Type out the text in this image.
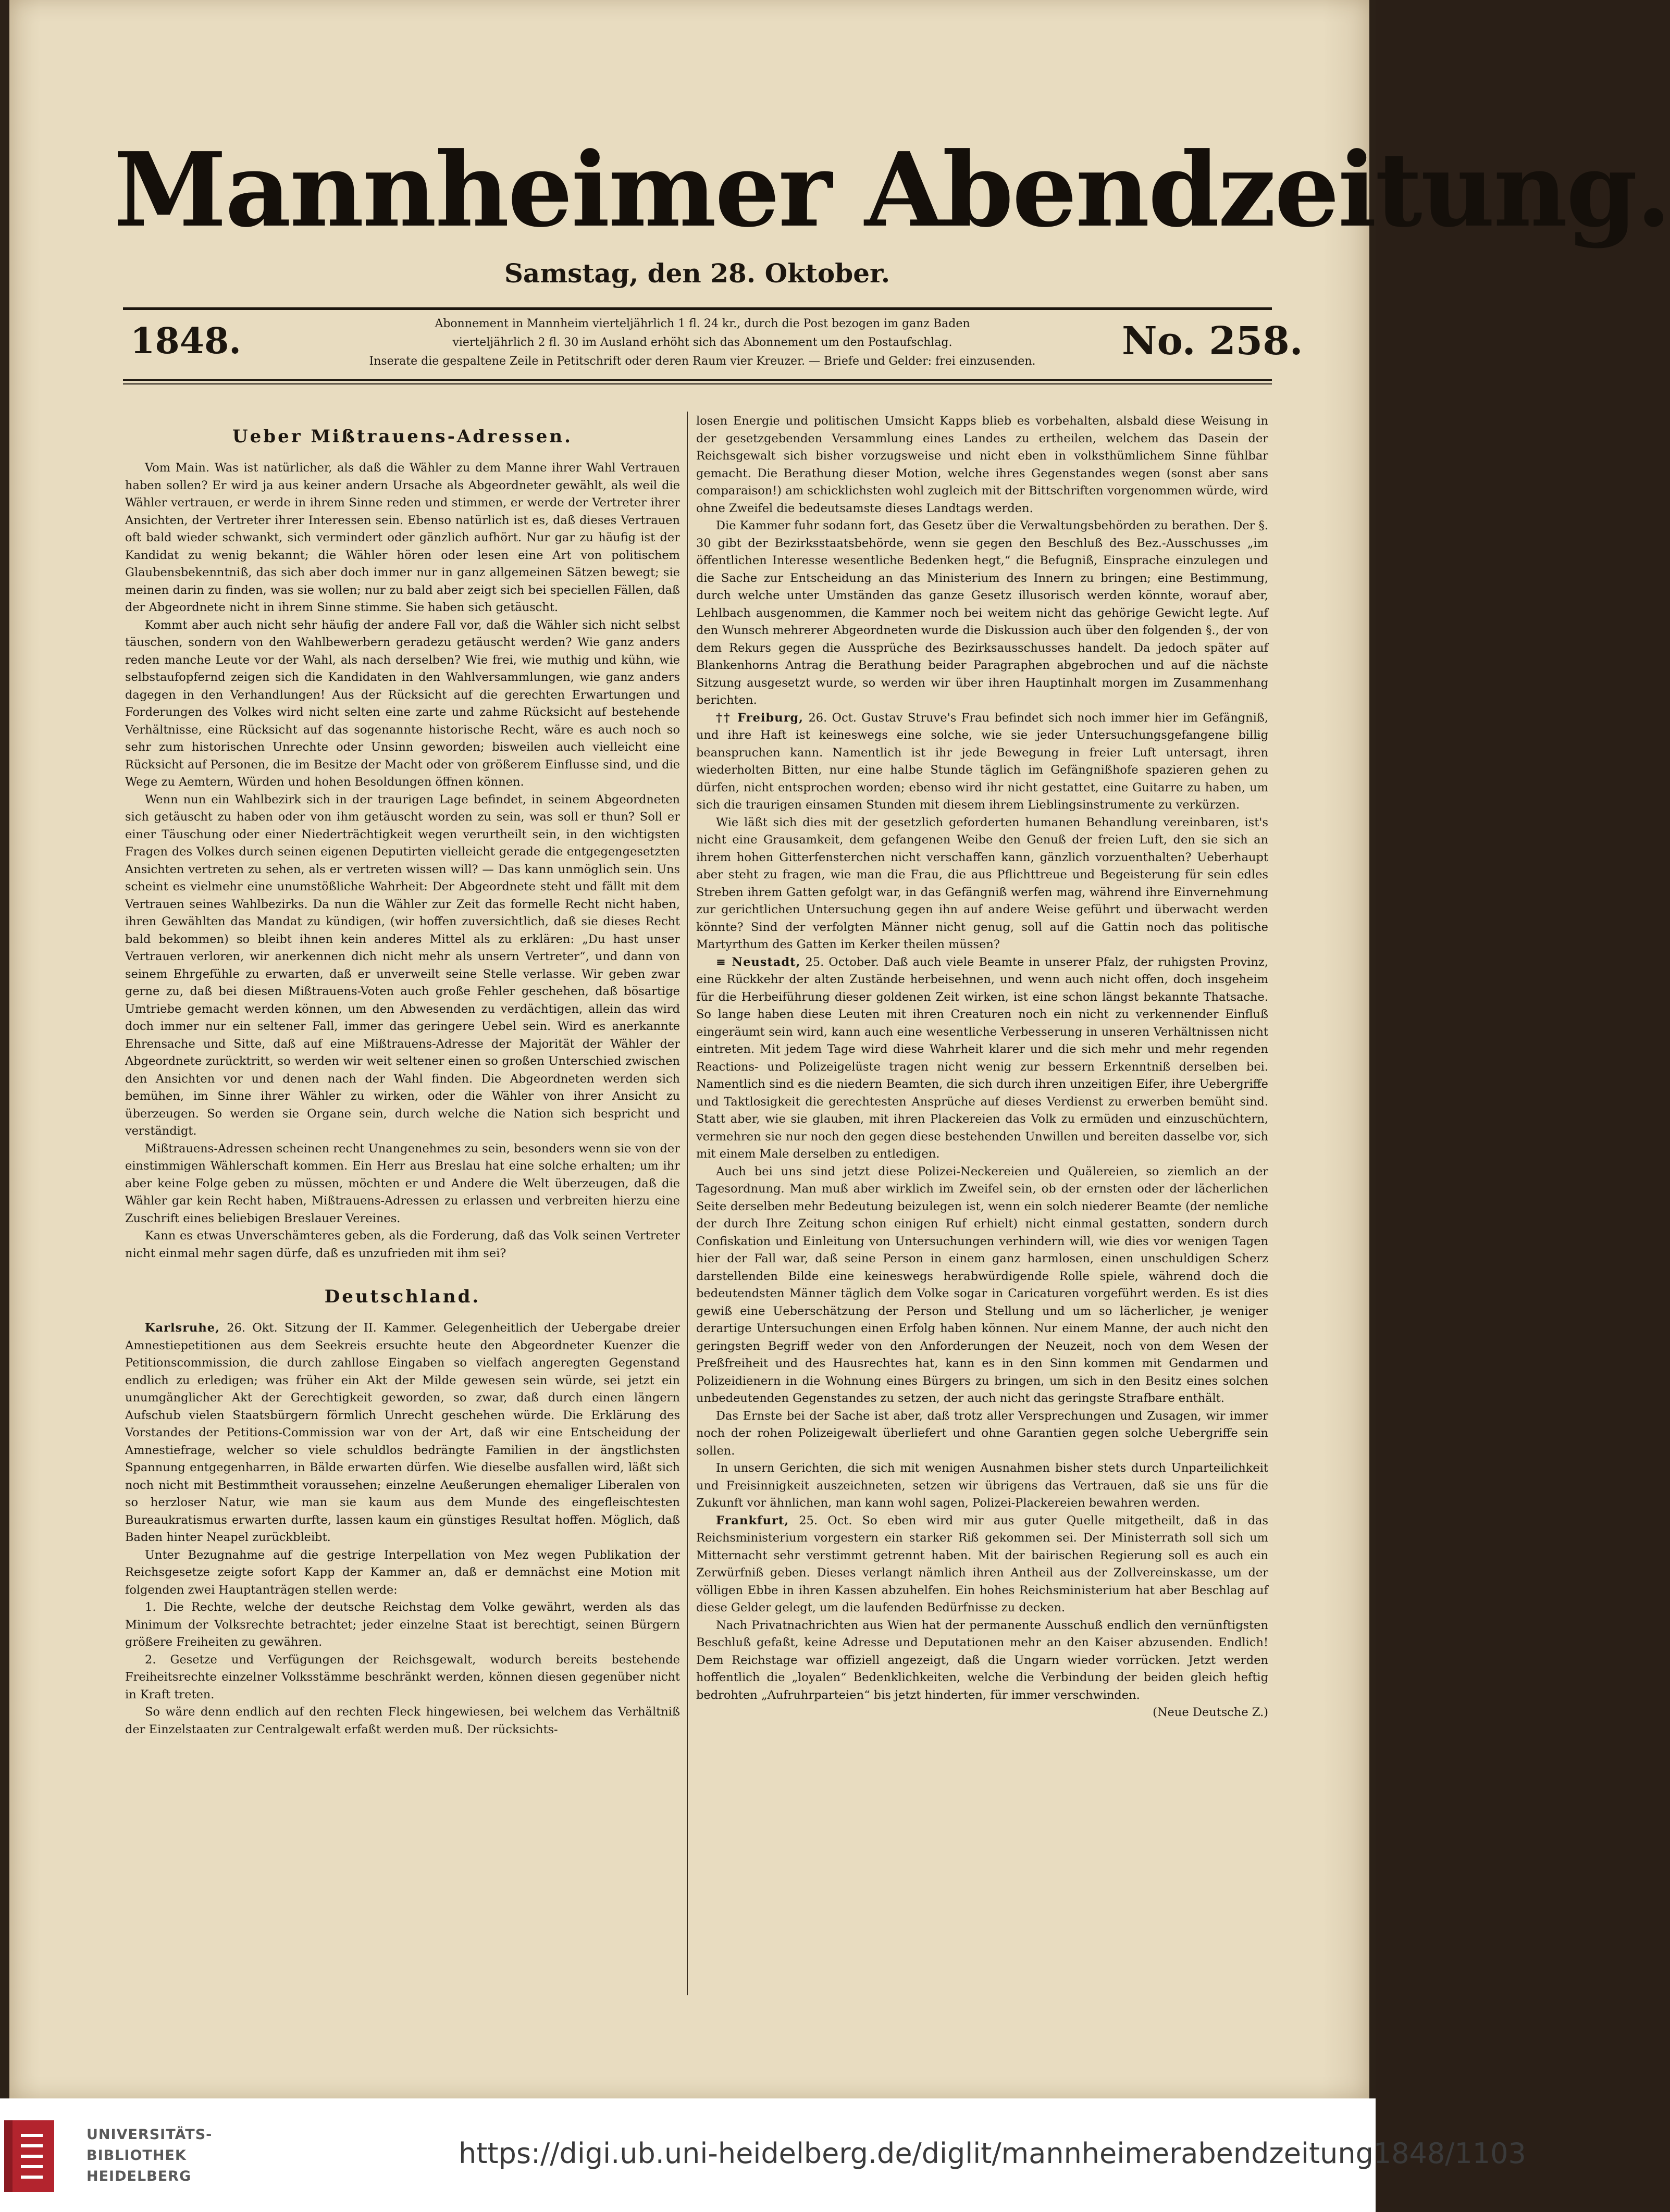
Mannheimer Abendzeitung.
Samstag, den 28. Oktober.
1848.	Abonnement in Mannheim vierteljährlich 1 fl. 24 kr., durch die Post bezogen im ganz Baden
vierteljährlich 2 fl. 30 im Ausland erhöht sich das Abonnement um den Postaufschlag.
Inserate die gespaltene Zeile in Petitschrift oder deren Raum vier Kreuzer. — Briefe und Gelder: frei einzusenden.	No. 258.
Ueber Mißtrauens-Adressen.

Vom Main. Was ist natürlicher, als daß die Wähler zu dem Manne ihrer Wahl Vertrauen haben sollen? Er wird ja aus keiner andern Ursache als Abgeordneter gewählt, als weil die Wähler vertrauen, er werde in ihrem Sinne reden und stimmen, er werde der Vertreter ihrer Ansichten, der Vertreter ihrer Interessen sein. Ebenso natürlich ist es, daß dieses Vertrauen oft bald wieder schwankt, sich vermindert oder gänzlich aufhört. Nur gar zu häufig ist der Kandidat zu wenig bekannt; die Wähler hören oder lesen eine Art von politischem Glaubensbekenntniß, das sich aber doch immer nur in ganz allgemeinen Sätzen bewegt; sie meinen darin zu finden, was sie wollen; nur zu bald aber zeigt sich bei speciellen Fällen, daß der Abgeordnete nicht in ihrem Sinne stimme. Sie haben sich getäuscht.

Kommt aber auch nicht sehr häufig der andere Fall vor, daß die Wähler sich nicht selbst täuschen, sondern von den Wahlbewerbern geradezu getäuscht werden? Wie ganz anders reden manche Leute vor der Wahl, als nach derselben? Wie frei, wie muthig und kühn, wie selbstaufopfernd zeigen sich die Kandidaten in den Wahlversammlungen, wie ganz anders dagegen in den Verhandlungen! Aus der Rücksicht auf die gerechten Erwartungen und Forderungen des Volkes wird nicht selten eine zarte und zahme Rücksicht auf bestehende Verhältnisse, eine Rücksicht auf das sogenannte historische Recht, wäre es auch noch so sehr zum historischen Unrechte oder Unsinn geworden; bisweilen auch vielleicht eine Rücksicht auf Personen, die im Besitze der Macht oder von größerem Einflusse sind, und die Wege zu Aemtern, Würden und hohen Besoldungen öffnen können.

Wenn nun ein Wahlbezirk sich in der traurigen Lage befindet, in seinem Abgeordneten sich getäuscht zu haben oder von ihm getäuscht worden zu sein, was soll er thun? Soll er einer Täuschung oder einer Niederträchtigkeit wegen verurtheilt sein, in den wichtigsten Fragen des Volkes durch seinen eigenen Deputirten vielleicht gerade die entgegengesetzten Ansichten vertreten zu sehen, als er vertreten wissen will? — Das kann unmöglich sein. Uns scheint es vielmehr eine unumstößliche Wahrheit: Der Abgeordnete steht und fällt mit dem Vertrauen seines Wahlbezirks. Da nun die Wähler zur Zeit das formelle Recht nicht haben, ihren Gewählten das Mandat zu kündigen, (wir hoffen zuversichtlich, daß sie dieses Recht bald bekommen) so bleibt ihnen kein anderes Mittel als zu erklären: „Du hast unser Vertrauen verloren, wir anerkennen dich nicht mehr als unsern Vertreter“, und dann von seinem Ehrgefühle zu erwarten, daß er unverweilt seine Stelle verlasse. Wir geben zwar gerne zu, daß bei diesen Mißtrauens-Voten auch große Fehler geschehen, daß bösartige Umtriebe gemacht werden können, um den Abwesenden zu verdächtigen, allein das wird doch immer nur ein seltener Fall, immer das geringere Uebel sein. Wird es anerkannte Ehrensache und Sitte, daß auf eine Mißtrauens-Adresse der Majorität der Wähler der Abgeordnete zurücktritt, so werden wir weit seltener einen so großen Unterschied zwischen den Ansichten vor und denen nach der Wahl finden. Die Abgeordneten werden sich bemühen, im Sinne ihrer Wähler zu wirken, oder die Wähler von ihrer Ansicht zu überzeugen. So werden sie Organe sein, durch welche die Nation sich bespricht und verständigt.

Mißtrauens-Adressen scheinen recht Unangenehmes zu sein, besonders wenn sie von der einstimmigen Wählerschaft kommen. Ein Herr aus Breslau hat eine solche erhalten; um ihr aber keine Folge geben zu müssen, möchten er und Andere die Welt überzeugen, daß die Wähler gar kein Recht haben, Mißtrauens-Adressen zu erlassen und verbreiten hierzu eine Zuschrift eines beliebigen Breslauer Vereines.

Kann es etwas Unverschämteres geben, als die Forderung, daß das Volk seinen Vertreter nicht einmal mehr sagen dürfe, daß es unzufrieden mit ihm sei?

Deutschland.

Karlsruhe, 26. Okt. Sitzung der II. Kammer. Gelegenheitlich der Uebergabe dreier Amnestiepetitionen aus dem Seekreis ersuchte heute den Abgeordneter Kuenzer die Petitionscommission, die durch zahllose Eingaben so vielfach angeregten Gegenstand endlich zu erledigen; was früher ein Akt der Milde gewesen sein würde, sei jetzt ein unumgänglicher Akt der Gerechtigkeit geworden, so zwar, daß durch einen längern Aufschub vielen Staatsbürgern förmlich Unrecht geschehen würde. Die Erklärung des Vorstandes der Petitions-Commission war von der Art, daß wir eine Entscheidung der Amnestiefrage, welcher so viele schuldlos bedrängte Familien in der ängstlichsten Spannung entgegenharren, in Bälde erwarten dürfen. Wie dieselbe ausfallen wird, läßt sich noch nicht mit Bestimmtheit voraussehen; einzelne Aeußerungen ehemaliger Liberalen von so herzloser Natur, wie man sie kaum aus dem Munde des eingefleischtesten Bureaukratismus erwarten durfte, lassen kaum ein günstiges Resultat hoffen. Möglich, daß Baden hinter Neapel zurückbleibt.

Unter Bezugnahme auf die gestrige Interpellation von Mez wegen Publikation der Reichsgesetze zeigte sofort Kapp der Kammer an, daß er demnächst eine Motion mit folgenden zwei Hauptanträgen stellen werde:

1. Die Rechte, welche der deutsche Reichstag dem Volke gewährt, werden als das Minimum der Volksrechte betrachtet; jeder einzelne Staat ist berechtigt, seinen Bürgern größere Freiheiten zu gewähren.

2. Gesetze und Verfügungen der Reichsgewalt, wodurch bereits bestehende Freiheitsrechte einzelner Volksstämme beschränkt werden, können diesen gegenüber nicht in Kraft treten.

So wäre denn endlich auf den rechten Fleck hingewiesen, bei welchem das Verhältniß der Einzelstaaten zur Centralgewalt erfaßt werden muß. Der rücksichts-

losen Energie und politischen Umsicht Kapps blieb es vorbehalten, alsbald diese Weisung in der gesetzgebenden Versammlung eines Landes zu ertheilen, welchem das Dasein der Reichsgewalt sich bisher vorzugsweise und nicht eben in volksthümlichem Sinne fühlbar gemacht. Die Berathung dieser Motion, welche ihres Gegenstandes wegen (sonst aber sans comparaison!) am schicklichsten wohl zugleich mit der Bittschriften vorgenommen würde, wird ohne Zweifel die bedeutsamste dieses Landtags werden.

Die Kammer fuhr sodann fort, das Gesetz über die Verwaltungsbehörden zu berathen. Der §. 30 gibt der Bezirksstaatsbehörde, wenn sie gegen den Beschluß des Bez.-Ausschusses „im öffentlichen Interesse wesentliche Bedenken hegt,“ die Befugniß, Einsprache einzulegen und die Sache zur Entscheidung an das Ministerium des Innern zu bringen; eine Bestimmung, durch welche unter Umständen das ganze Gesetz illusorisch werden könnte, worauf aber, Lehlbach ausgenommen, die Kammer noch bei weitem nicht das gehörige Gewicht legte. Auf den Wunsch mehrerer Abgeordneten wurde die Diskussion auch über den folgenden §., der von dem Rekurs gegen die Aussprüche des Bezirksausschusses handelt. Da jedoch später auf Blankenhorns Antrag die Berathung beider Paragraphen abgebrochen und auf die nächste Sitzung ausgesetzt wurde, so werden wir über ihren Hauptinhalt morgen im Zusammenhang berichten.

†† Freiburg, 26. Oct. Gustav Struve's Frau befindet sich noch immer hier im Gefängniß, und ihre Haft ist keineswegs eine solche, wie sie jeder Untersuchungsgefangene billig beanspruchen kann. Namentlich ist ihr jede Bewegung in freier Luft untersagt, ihren wiederholten Bitten, nur eine halbe Stunde täglich im Gefängnißhofe spazieren gehen zu dürfen, nicht entsprochen worden; ebenso wird ihr nicht gestattet, eine Guitarre zu haben, um sich die traurigen einsamen Stunden mit diesem ihrem Lieblingsinstrumente zu verkürzen.

Wie läßt sich dies mit der gesetzlich geforderten humanen Behandlung vereinbaren, ist's nicht eine Grausamkeit, dem gefangenen Weibe den Genuß der freien Luft, den sie sich an ihrem hohen Gitterfensterchen nicht verschaffen kann, gänzlich vorzuenthalten? Ueberhaupt aber steht zu fragen, wie man die Frau, die aus Pflichttreue und Begeisterung für sein edles Streben ihrem Gatten gefolgt war, in das Gefängniß werfen mag, während ihre Einvernehmung zur gerichtlichen Untersuchung gegen ihn auf andere Weise geführt und überwacht werden könnte? Sind der verfolgten Männer nicht genug, soll auf die Gattin noch das politische Martyrthum des Gatten im Kerker theilen müssen?

≡ Neustadt, 25. October. Daß auch viele Beamte in unserer Pfalz, der ruhigsten Provinz, eine Rückkehr der alten Zustände herbeisehnen, und wenn auch nicht offen, doch insgeheim für die Herbeiführung dieser goldenen Zeit wirken, ist eine schon längst bekannte Thatsache. So lange haben diese Leuten mit ihren Creaturen noch ein nicht zu verkennender Einfluß eingeräumt sein wird, kann auch eine wesentliche Verbesserung in unseren Verhältnissen nicht eintreten. Mit jedem Tage wird diese Wahrheit klarer und die sich mehr und mehr regenden Reactions- und Polizeigelüste tragen nicht wenig zur bessern Erkenntniß derselben bei. Namentlich sind es die niedern Beamten, die sich durch ihren unzeitigen Eifer, ihre Uebergriffe und Taktlosigkeit die gerechtesten Ansprüche auf dieses Verdienst zu erwerben bemüht sind. Statt aber, wie sie glauben, mit ihren Plackereien das Volk zu ermüden und einzuschüchtern, vermehren sie nur noch den gegen diese bestehenden Unwillen und bereiten dasselbe vor, sich mit einem Male derselben zu entledigen.

Auch bei uns sind jetzt diese Polizei-Neckereien und Quälereien, so ziemlich an der Tagesordnung. Man muß aber wirklich im Zweifel sein, ob der ernsten oder der lächerlichen Seite derselben mehr Bedeutung beizulegen ist, wenn ein solch niederer Beamte (der nemliche der durch Ihre Zeitung schon einigen Ruf erhielt) nicht einmal gestatten, sondern durch Confiskation und Einleitung von Untersuchungen verhindern will, wie dies vor wenigen Tagen hier der Fall war, daß seine Person in einem ganz harmlosen, einen unschuldigen Scherz darstellenden Bilde eine keineswegs herabwürdigende Rolle spiele, während doch die bedeutendsten Männer täglich dem Volke sogar in Caricaturen vorgeführt werden. Es ist dies gewiß eine Ueberschätzung der Person und Stellung und um so lächerlicher, je weniger derartige Untersuchungen einen Erfolg haben können. Nur einem Manne, der auch nicht den geringsten Begriff weder von den Anforderungen der Neuzeit, noch von dem Wesen der Preßfreiheit und des Hausrechtes hat, kann es in den Sinn kommen mit Gendarmen und Polizeidienern in die Wohnung eines Bürgers zu bringen, um sich in den Besitz eines solchen unbedeutenden Gegenstandes zu setzen, der auch nicht das geringste Strafbare enthält.

Das Ernste bei der Sache ist aber, daß trotz aller Versprechungen und Zusagen, wir immer noch der rohen Polizeigewalt überliefert und ohne Garantien gegen solche Uebergriffe sein sollen.

In unsern Gerichten, die sich mit wenigen Ausnahmen bisher stets durch Unparteilichkeit und Freisinnigkeit auszeichneten, setzen wir übrigens das Vertrauen, daß sie uns für die Zukunft vor ähnlichen, man kann wohl sagen, Polizei-Plackereien bewahren werden.

Frankfurt, 25. Oct. So eben wird mir aus guter Quelle mitgetheilt, daß in das Reichsministerium vorgestern ein starker Riß gekommen sei. Der Ministerrath soll sich um Mitternacht sehr verstimmt getrennt haben. Mit der bairischen Regierung soll es auch ein Zerwürfniß geben. Dieses verlangt nämlich ihren Antheil aus der Zollvereinskasse, um der völligen Ebbe in ihren Kassen abzuhelfen. Ein hohes Reichsministerium hat aber Beschlag auf diese Gelder gelegt, um die laufenden Bedürfnisse zu decken.

Nach Privatnachrichten aus Wien hat der permanente Ausschuß endlich den vernünftigsten Beschluß gefaßt, keine Adresse und Deputationen mehr an den Kaiser abzusenden. Endlich! Dem Reichstage war offiziell angezeigt, daß die Ungarn wieder vorrücken. Jetzt werden hoffentlich die „loyalen“ Bedenklichkeiten, welche die Verbindung der beiden gleich heftig bedrohten „Aufruhrparteien“ bis jetzt hinderten, für immer verschwinden.

(Neue Deutsche Z.)

UNIVERSITÄTS-
BIBLIOTHEK
HEIDELBERG
https://digi.ub.uni-heidelberg.de/diglit/mannheimerabendzeitung1848/1103
